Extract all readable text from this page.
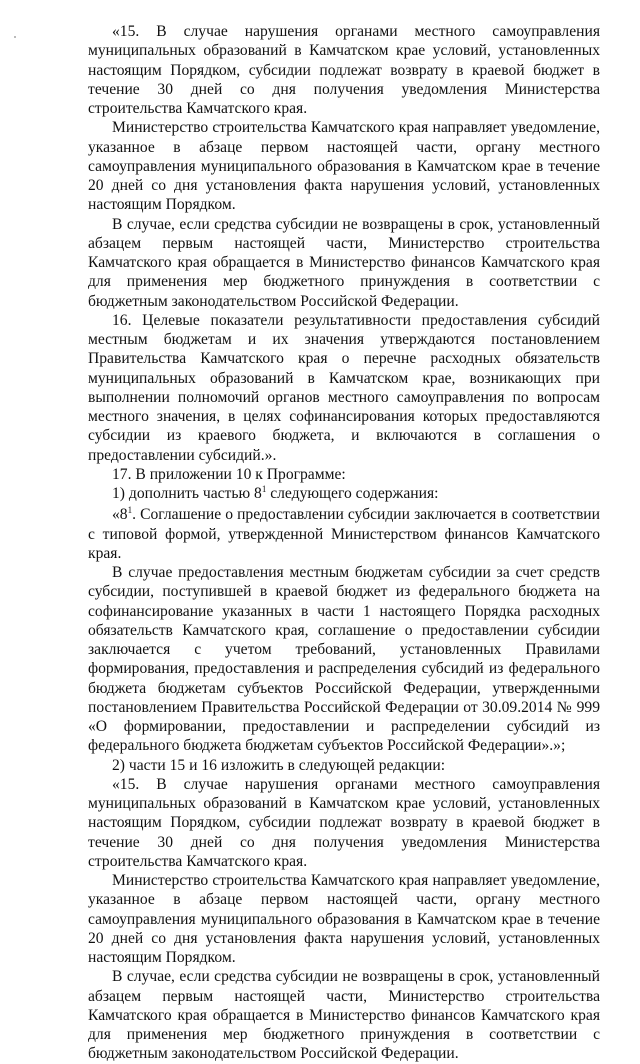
«15. В случае нарушения органами местного самоуправления муниципальных образований в Камчатском крае условий, установленных настоящим Порядком, субсидии подлежат возврату в краевой бюджет в течение 30 дней со дня получения уведомления Министерства строительства Камчатского края.

Министерство строительства Камчатского края направляет уведомление, указанное в абзаце первом настоящей части, органу местного самоуправления муниципального образования в Камчатском крае в течение 20 дней со дня установления факта нарушения условий, установленных настоящим Порядком.

В случае, если средства субсидии не возвращены в срок, установленный абзацем первым настоящей части, Министерство строительства Камчатского края обращается в Министерство финансов Камчатского края для применения мер бюджетного принуждения в соответствии с бюджетным законодательством Российской Федерации.

16. Целевые показатели результативности предоставления субсидий местным бюджетам и их значения утверждаются постановлением Правительства Камчатского края о перечне расходных обязательств муниципальных образований в Камчатском крае, возникающих при выполнении полномочий органов местного самоуправления по вопросам местного значения, в целях софинансирования которых предоставляются субсидии из краевого бюджета, и включаются в соглашения о предоставлении субсидий.».

17. В приложении 10 к Программе:

1) дополнить частью $8^1$ следующего содержания:

«$8^1$. Соглашение о предоставлении субсидии заключается в соответствии с типовой формой, утвержденной Министерством финансов Камчатского края.

В случае предоставления местным бюджетам субсидии за счет средств субсидии, поступившей в краевой бюджет из федерального бюджета на софинансирование указанных в части 1 настоящего Порядка расходных обязательств Камчатского края, соглашение о предоставлении субсидии заключается с учетом требований, установленных Правилами формирования, предоставления и распределения субсидий из федерального бюджета бюджетам субъектов Российской Федерации, утвержденными постановлением Правительства Российской Федерации от 30.09.2014 № 999 «О формировании, предоставлении и распределении субсидий из федерального бюджета бюджетам субъектов Российской Федерации».»;

2) части 15 и 16 изложить в следующей редакции:

«15. В случае нарушения органами местного самоуправления муниципальных образований в Камчатском крае условий, установленных настоящим Порядком, субсидии подлежат возврату в краевой бюджет в течение 30 дней со дня получения уведомления Министерства строительства Камчатского края.

Министерство строительства Камчатского края направляет уведомление, указанное в абзаце первом настоящей части, органу местного самоуправления муниципального образования в Камчатском крае в течение 20 дней со дня установления факта нарушения условий, установленных настоящим Порядком.

В случае, если средства субсидии не возвращены в срок, установленный абзацем первым настоящей части, Министерство строительства Камчатского края обращается в Министерство финансов Камчатского края для применения мер бюджетного принуждения в соответствии с бюджетным законодательством Российской Федерации.
